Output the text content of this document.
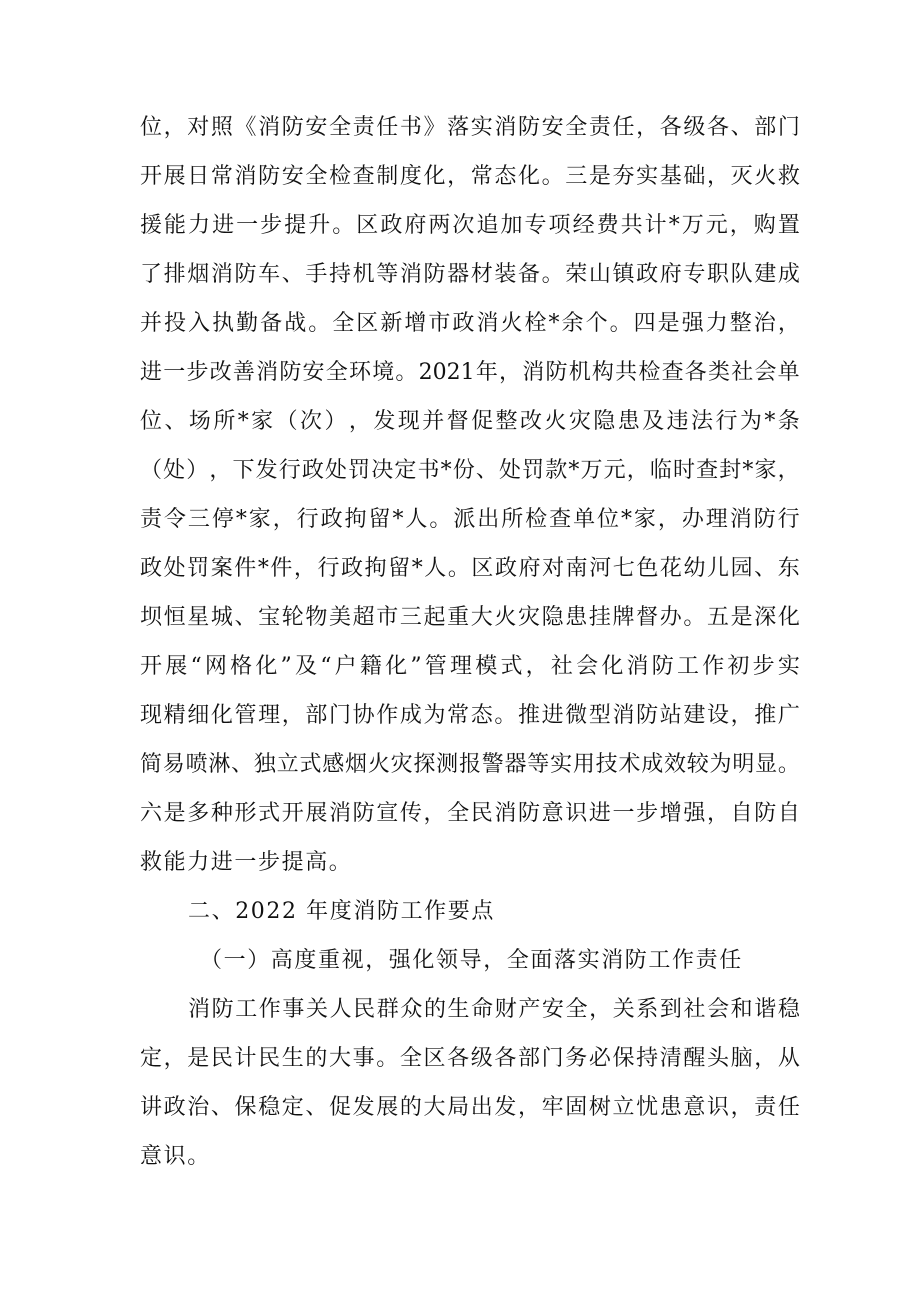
位 ， 对 照 《 消 防 安 全 责 任 书 》 落 实 消 防 安 全 责 任 ， 各 级 各 、 部 门
开 展 日 常 消 防 安 全 检 查 制 度 化 ， 常 态 化 。 三 是 夯 实 基 础 ， 灭 火 救
援 能 力 进 一 步 提 升 。 区 政 府 两 次 追 加 专 项 经 费 共 计 * 万 元 ， 购 置
了 排 烟 消 防 车 、 手 持 机 等 消 防 器 材 装 备 。 荣 山 镇 政 府 专 职 队 建 成
并 投 入 执 勤 备 战 。 全 区 新 增 市 政 消 火 栓 * 余 个 。 四 是 强 力 整 治 ，
进 一 步 改 善 消 防 安 全 环 境 。 2021 年 ， 消 防 机 构 共 检 查 各 类 社 会 单
位 、 场 所 * 家 （ 次 ） ， 发 现 并 督 促 整 改 火 灾 隐 患 及 违 法 行 为 * 条
（ 处 ） ， 下 发 行 政 处 罚 决 定 书 * 份 、 处 罚 款 * 万 元 ， 临 时 查 封 * 家 ，
责 令 三 停 * 家 ， 行 政 拘 留 * 人 。 派 出 所 检 查 单 位 * 家 ， 办 理 消 防 行
政 处 罚 案 件 * 件 ， 行 政 拘 留 * 人 。 区 政 府 对 南 河 七 色 花 幼 儿 园 、 东
坝 恒 星 城 、 宝 轮 物 美 超 市 三 起 重 大 火 灾 隐 患 挂 牌 督 办 。 五 是 深 化
开 展 “ 网 格 化 ” 及 “ 户 籍 化 ” 管 理 模 式 ， 社 会 化 消 防 工 作 初 步 实
现 精 细 化 管 理 ， 部 门 协 作 成 为 常 态 。 推 进 微 型 消 防 站 建 设 ， 推 广
简 易 喷 淋 、 独 立 式 感 烟 火 灾 探 测 报 警 器 等 实 用 技 术 成 效 较 为 明 显 。
六 是 多 种 形 式 开 展 消 防 宣 传 ， 全 民 消 防 意 识 进 一 步 增 强 ， 自 防 自
救能力进一步提高。
二、2022 年度消防工作要点
（一）高度重视，强化领导，全面落实消防工作责任
消 防 工 作 事 关 人 民 群 众 的 生 命 财 产 安 全 ， 关 系 到 社 会 和 谐 稳
定 ， 是 民 计 民 生 的 大 事 。 全 区 各 级 各 部 门 务 必 保 持 清 醒 头 脑 ， 从
讲 政 治 、 保 稳 定 、 促 发 展 的 大 局 出 发 ， 牢 固 树 立 忧 患 意 识 ， 责 任
意识。
